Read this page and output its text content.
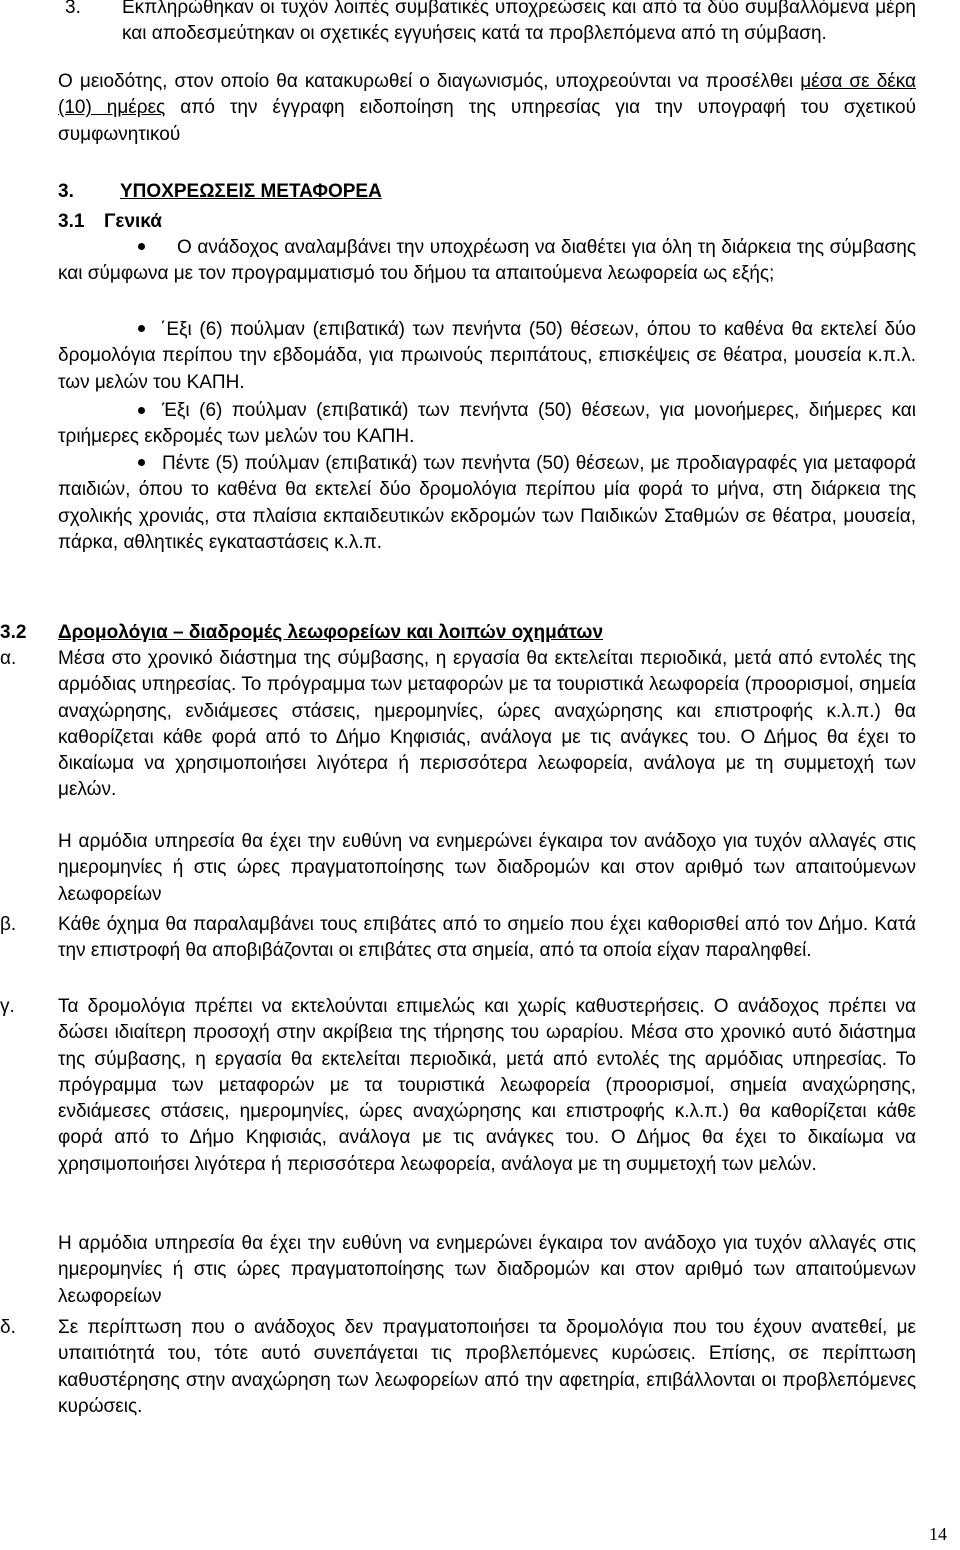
3. Εκπληρώθηκαν οι τυχόν λοιπές συμβατικές υποχρεώσεις και από τα δύο συμβαλλόμενα μέρη και αποδεσμεύτηκαν οι σχετικές εγγυήσεις κατά τα προβλεπόμενα από τη σύμβαση.

Ο μειοδότης, στον οποίο θα κατακυρωθεί ο διαγωνισμός, υποχρεούνται να προσέλθει μέσα σε δέκα (10) ημέρες από την έγγραφη ειδοποίηση της υπηρεσίας για την υπογραφή του σχετικού συμφωνητικού

3. ΥΠΟΧΡΕΩΣΕΙΣ ΜΕΤΑΦΟΡΕΑ
3.1 Γενικά

Ο ανάδοχος αναλαμβάνει την υποχρέωση να διαθέτει για όλη τη διάρκεια της σύμβασης και σύμφωνα με τον προγραμματισμό του δήμου τα απαιτούμενα λεωφορεία ως εξής;

΄Εξι (6) πούλμαν (επιβατικά) των πενήντα (50) θέσεων, όπου το καθένα θα εκτελεί δύο δρομολόγια περίπου την εβδομάδα, για πρωινούς περιπάτους, επισκέψεις σε θέατρα, μουσεία κ.π.λ. των μελών του ΚΑΠΗ.

Έξι (6) πούλμαν (επιβατικά) των πενήντα (50) θέσεων, για μονοήμερες, διήμερες και τριήμερες εκδρομές των μελών του ΚΑΠΗ.

Πέντε (5) πούλμαν (επιβατικά) των πενήντα (50) θέσεων, με προδιαγραφές για μεταφορά παιδιών, όπου το καθένα θα εκτελεί δύο δρομολόγια περίπου μία φορά το μήνα, στη διάρκεια της σχολικής χρονιάς, στα πλαίσια εκπαιδευτικών εκδρομών των Παιδικών Σταθμών σε θέατρα, μουσεία, πάρκα, αθλητικές εγκαταστάσεις κ.λ.π.

3.2 Δρομολόγια – διαδρομές λεωφορείων και λοιπών οχημάτων
α. Μέσα στο χρονικό διάστημα της σύμβασης, η εργασία θα εκτελείται περιοδικά, μετά από εντολές της αρμόδιας υπηρεσίας. Το πρόγραμμα των μεταφορών με τα τουριστικά λεωφορεία (προορισμοί, σημεία αναχώρησης, ενδιάμεσες στάσεις, ημερομηνίες, ώρες αναχώρησης και επιστροφής κ.λ.π.) θα καθορίζεται κάθε φορά από το Δήμο Κηφισιάς, ανάλογα με τις ανάγκες του. Ο Δήμος θα έχει το δικαίωμα να χρησιμοποιήσει λιγότερα ή περισσότερα λεωφορεία, ανάλογα με τη συμμετοχή των μελών.

Η αρμόδια υπηρεσία θα έχει την ευθύνη να ενημερώνει έγκαιρα τον ανάδοχο για τυχόν αλλαγές στις ημερομηνίες ή στις ώρες πραγματοποίησης των διαδρομών και στον αριθμό των απαιτούμενων λεωφορείων

β. Κάθε όχημα θα παραλαμβάνει τους επιβάτες από το σημείο που έχει καθορισθεί από τον Δήμο. Κατά την επιστροφή θα αποβιβάζονται οι επιβάτες στα σημεία, από τα οποία είχαν παραληφθεί.

γ. Τα δρομολόγια πρέπει να εκτελούνται επιμελώς και χωρίς καθυστερήσεις. Ο ανάδοχος πρέπει να δώσει ιδιαίτερη προσοχή στην ακρίβεια της τήρησης του ωραρίου. Μέσα στο χρονικό αυτό διάστημα της σύμβασης, η εργασία θα εκτελείται περιοδικά, μετά από εντολές της αρμόδιας υπηρεσίας. Το πρόγραμμα των μεταφορών με τα τουριστικά λεωφορεία (προορισμοί, σημεία αναχώρησης, ενδιάμεσες στάσεις, ημερομηνίες, ώρες αναχώρησης και επιστροφής κ.λ.π.) θα καθορίζεται κάθε φορά από το Δήμο Κηφισιάς, ανάλογα με τις ανάγκες του. Ο Δήμος θα έχει το δικαίωμα να χρησιμοποιήσει λιγότερα ή περισσότερα λεωφορεία, ανάλογα με τη συμμετοχή των μελών.

Η αρμόδια υπηρεσία θα έχει την ευθύνη να ενημερώνει έγκαιρα τον ανάδοχο για τυχόν αλλαγές στις ημερομηνίες ή στις ώρες πραγματοποίησης των διαδρομών και στον αριθμό των απαιτούμενων λεωφορείων

δ. Σε περίπτωση που ο ανάδοχος δεν πραγματοποιήσει τα δρομολόγια που του έχουν ανατεθεί, με υπαιτιότητά του, τότε αυτό συνεπάγεται τις προβλεπόμενες κυρώσεις. Επίσης, σε περίπτωση καθυστέρησης στην αναχώρηση των λεωφορείων από την αφετηρία, επιβάλλονται οι προβλεπόμενες κυρώσεις.

14
